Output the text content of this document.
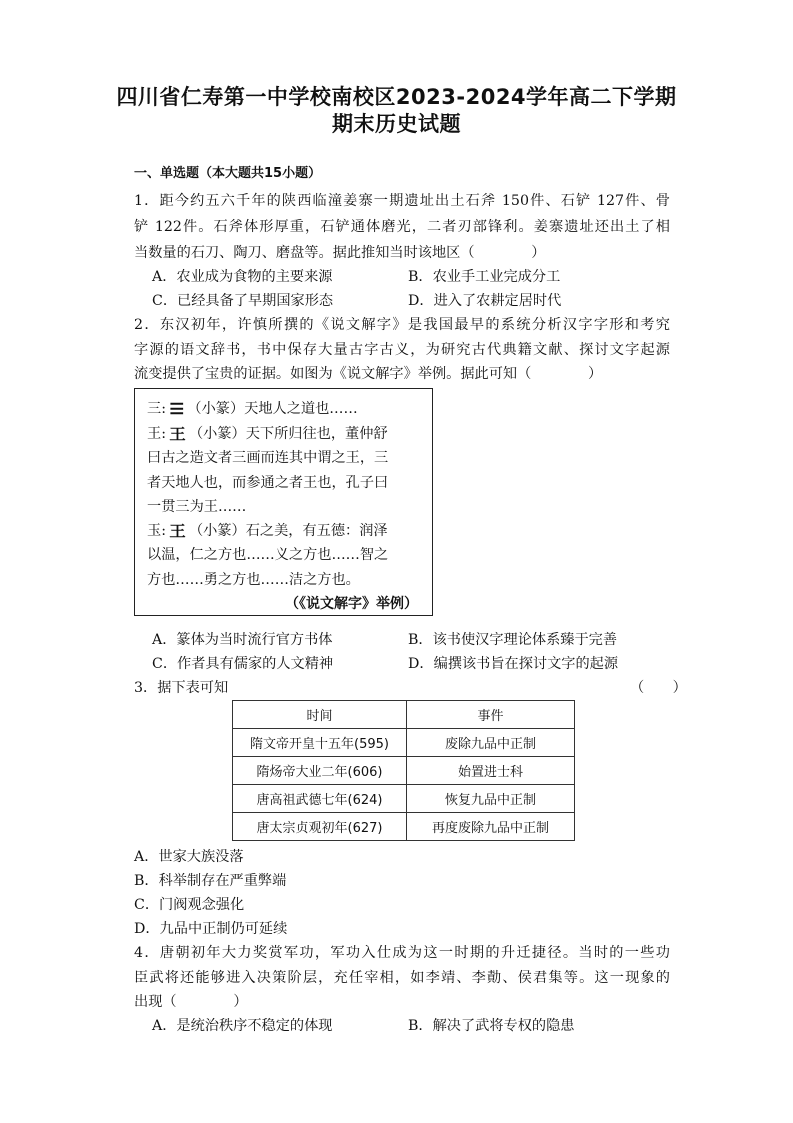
四川省仁寿第一中学校南校区2023-2024学年高二下学期
期末历史试题
一、单选题（本大题共15小题）
1．距今约五六千年的陕西临潼姜寨一期遗址出土石斧 150件、石铲 127件、骨
铲 122件。石斧体形厚重，石铲通体磨光，二者刃部锋利。姜寨遗址还出土了相
当数量的石刀、陶刀、磨盘等。据此推知当时该地区（　　　　）
A．农业成为食物的主要来源	B．农业手工业完成分工
C．已经具备了早期国家形态	D．进入了农耕定居时代
2．东汉初年，许慎所撰的《说文解字》是我国最早的系统分析汉字字形和考究
字源的语文辞书，书中保存大量古字古义，为研究古代典籍文献、探讨文字起源
流变提供了宝贵的证据。如图为《说文解字》举例。据此可知（　　　　）
三: ☰ （小篆）天地人之道也……
王: 王 （小篆）天下所归往也，董仲舒
曰古之造文者三画而连其中谓之王，三
者天地人也，而参通之者王也，孔子曰
一贯三为王……
玉: 王 （小篆）石之美，有五德：润泽
以温，仁之方也……义之方也……智之
方也……勇之方也……洁之方也。
（《说文解字》举例）
A．篆体为当时流行官方书体	B．该书使汉字理论体系臻于完善
C．作者具有儒家的人文精神	D．编撰该书旨在探讨文字的起源
3．据下表可知	（　　）
时间	事件
隋文帝开皇十五年(595)	废除九品中正制
隋炀帝大业二年(606)	始置进士科
唐高祖武德七年(624)	恢复九品中正制
唐太宗贞观初年(627)	再度废除九品中正制
A．世家大族没落
B．科举制存在严重弊端
C．门阀观念强化
D．九品中正制仍可延续
4．唐朝初年大力奖赏军功，军功入仕成为这一时期的升迁捷径。当时的一些功
臣武将还能够进入决策阶层，充任宰相，如李靖、李勣、侯君集等。这一现象的
出现（　　　　）
A．是统治秩序不稳定的体现	B．解决了武将专权的隐患
